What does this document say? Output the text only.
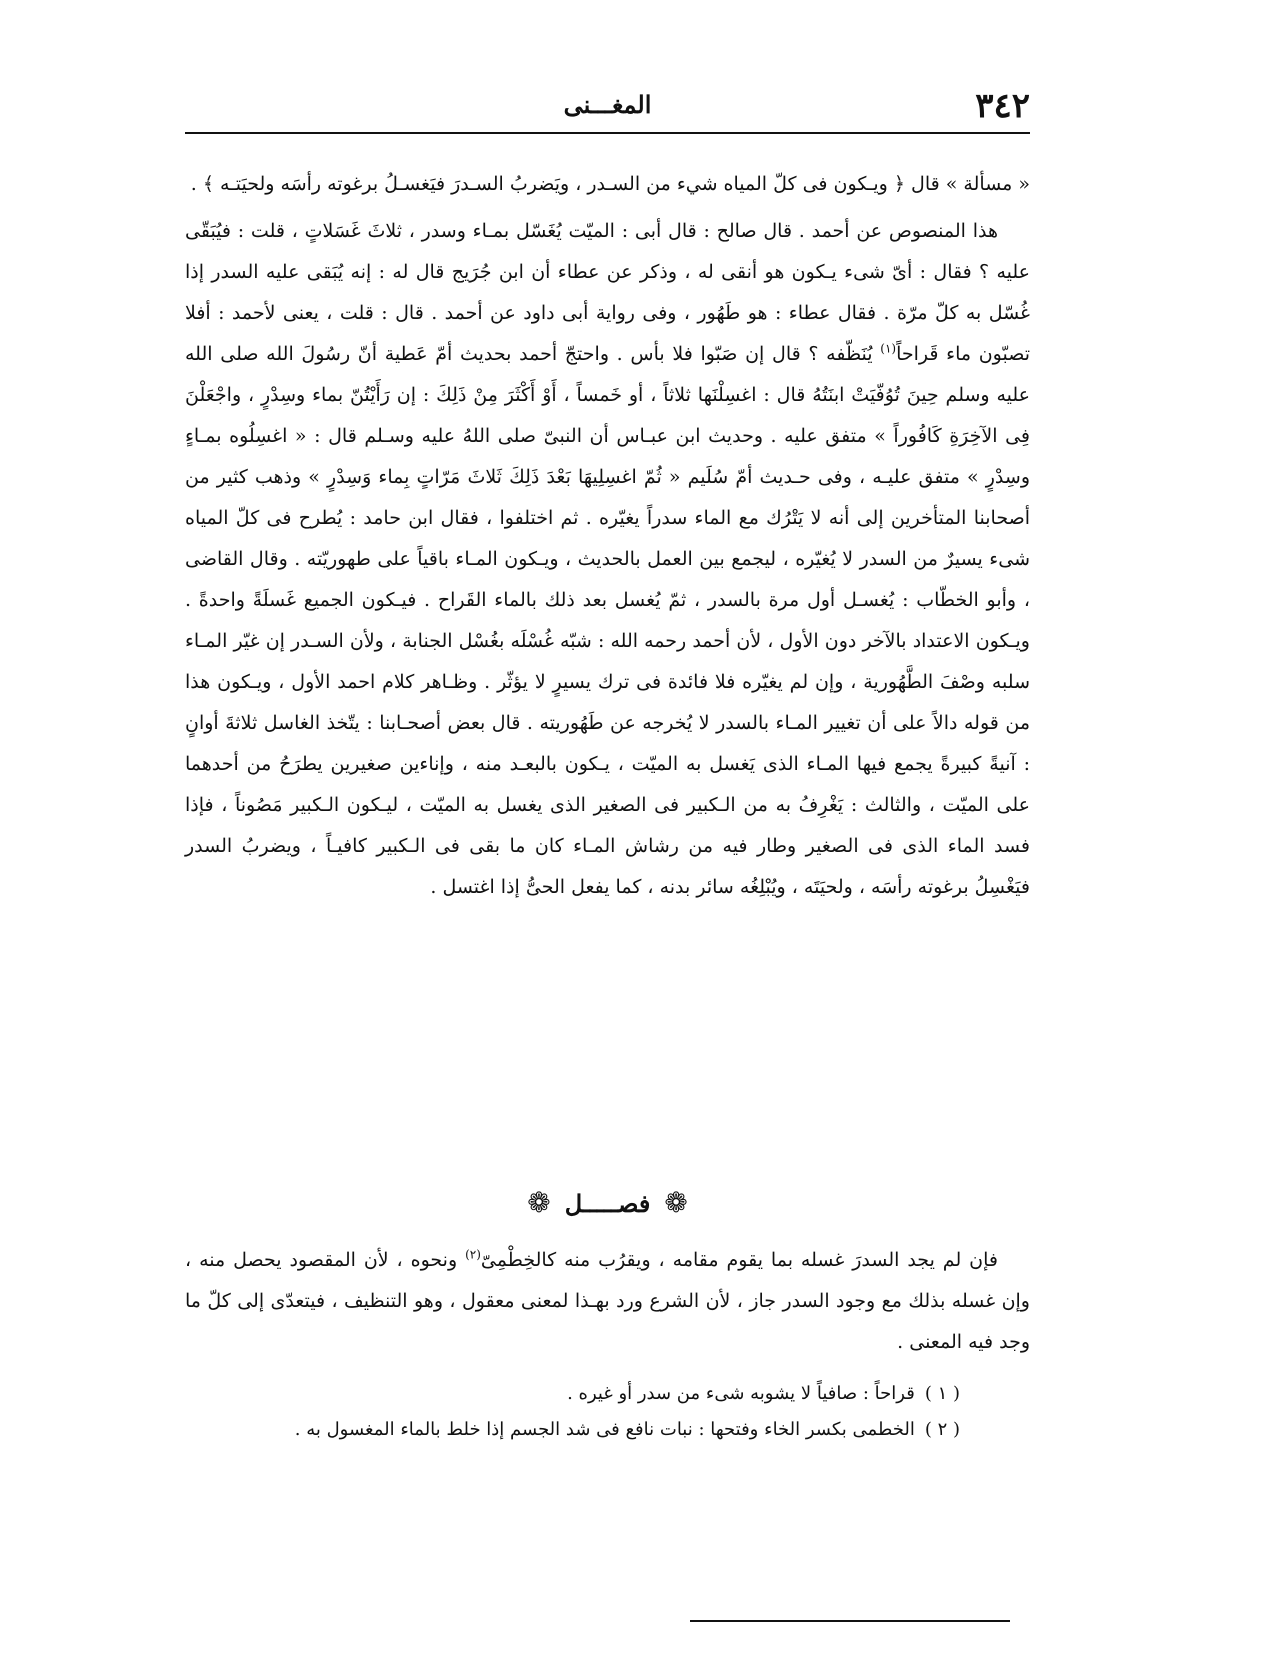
٣٤٢
المغـــنى

« مسألة » قال ﴿ ويـكون فى كلّ المياه شيء من السـدر ، ويَضربُ السـدرَ فيَغسـلُ برغوته رأسَه ولحيَتـه ﴾ .

هذا المنصوص عن أحمد . قال صالح : قال أبى : الميّت يُغَسّل بمـاء وسدر ، ثلاثَ غَسَلاتٍ ، قلت : فيُبَقّى عليه ؟ فقال : أىّ شىء يـكون هو أنقى له ، وذكر عن عطاء أن ابن جُرَيج قال له : إنه يُبَقى عليه السدر إذا غُسّل به كلّ مرّة . فقال عطاء : هو طَهُور ، وفى رواية أبى داود عن أحمد . قال : قلت ، يعنى لأحمد : أفلا تصبّون ماء قَراحاً$^{(١)}$ يُنَظّفه ؟ قال إن صَبّوا فلا بأس . واحتجّ أحمد بحديث أمّ عَطية أنّ رسُولَ الله صلى الله عليه وسلم حِينَ تُوُفّيَتْ ابنَتُهُ قال : اغسِلْنَها ثلاثاً ، أو خَمساً ، أَوْ أَكْثَرَ مِنْ ذَلِكَ : إن رَأَيْتُنّ بماء وسِدْرٍ ، واجْعَلْنَ فِى الآخِرَةِ كَافُوراً » متفق عليه . وحديث ابن عبـاس أن النبىّ صلى اللهُ عليه وسـلم قال : « اغسِلُوه بمـاءٍ وسِدْرٍ » متفق عليـه ، وفى حـديث أمّ سُلَيم « ثُمّ اغسِلِيهَا بَعْدَ ذَلِكَ ثَلاثَ مَرّاتٍ بِماء وَسِدْرٍ » وذهب كثير من أصحابنا المتأخرين إلى أنه لا يَتْرُك مع الماء سدراً يغيّره . ثم اختلفوا ، فقال ابن حامد : يُطرح فى كلّ المياه شىء يسيرٌ من السدر لا يُغيّره ، ليجمع بين العمل بالحديث ، ويـكون المـاء باقياً على طهوريّته . وقال القاضى ، وأبو الخطّاب : يُغسـل أول مرة بالسدر ، ثمّ يُغسل بعد ذلك بالماء القَراح . فيـكون الجميع غَسلَةً واحدةً . ويـكون الاعتداد بالآخر دون الأول ، لأن أحمد رحمه الله : شبّه غُسْلَه بغُسْل الجنابة ، ولأن السـدر إن غيّر المـاء سلبه وصْفَ الطَّهُورية ، وإن لم يغيّره فلا فائدة فى ترك يسيرٍ لا يؤثّر . وظـاهر كلام احمد الأول ، ويـكون هذا من قوله دالاً على أن تغيير المـاء بالسدر لا يُخرجه عن طَهُوريته . قال بعض أصحـابنا : يتّخذ الغاسل ثلاثةَ أوانٍ : آنيةً كبيرةً يجمع فيها المـاء الذى يَغسل به الميّت ، يـكون بالبعـد منه ، وإناءين صغيرين يطرَحُ من أحدهما على الميّت ، والثالث : يَغْرِفُ به من الـكبير فى الصغير الذى يغسل به الميّت ، ليـكون الـكبير مَصُوناً ، فإذا فسد الماء الذى فى الصغير وطار فيه من رشاش المـاء كان ما بقى فى الـكبير كافيـاً ، ويضربُ السدر فيَغْسِلُ برغوته رأسَه ، ولحيَتَه ، ويُبْلِغُه سائر بدنه ، كما يفعل الحىُّ إذا اغتسل .

❁فصـــــل❁

فإن لم يجد السدرَ غسله بما يقوم مقامه ، ويقرُب منه كالخِطْمِىّ$^{(٢)}$ ونحوه ، لأن المقصود يحصل منه ، وإن غسله بذلك مع وجود السدر جاز ، لأن الشرع ورد بهـذا لمعنى معقول ، وهو التنظيف ، فيتعدّى إلى كلّ ما وجد فيه المعنى .

( ١ )قراحاً : صافياً لا يشوبه شىء من سدر أو غيره .

( ٢ )الخطمى بكسر الخاء وفتحها : نبات نافع فى شد الجسم إذا خلط بالماء المغسول به .
